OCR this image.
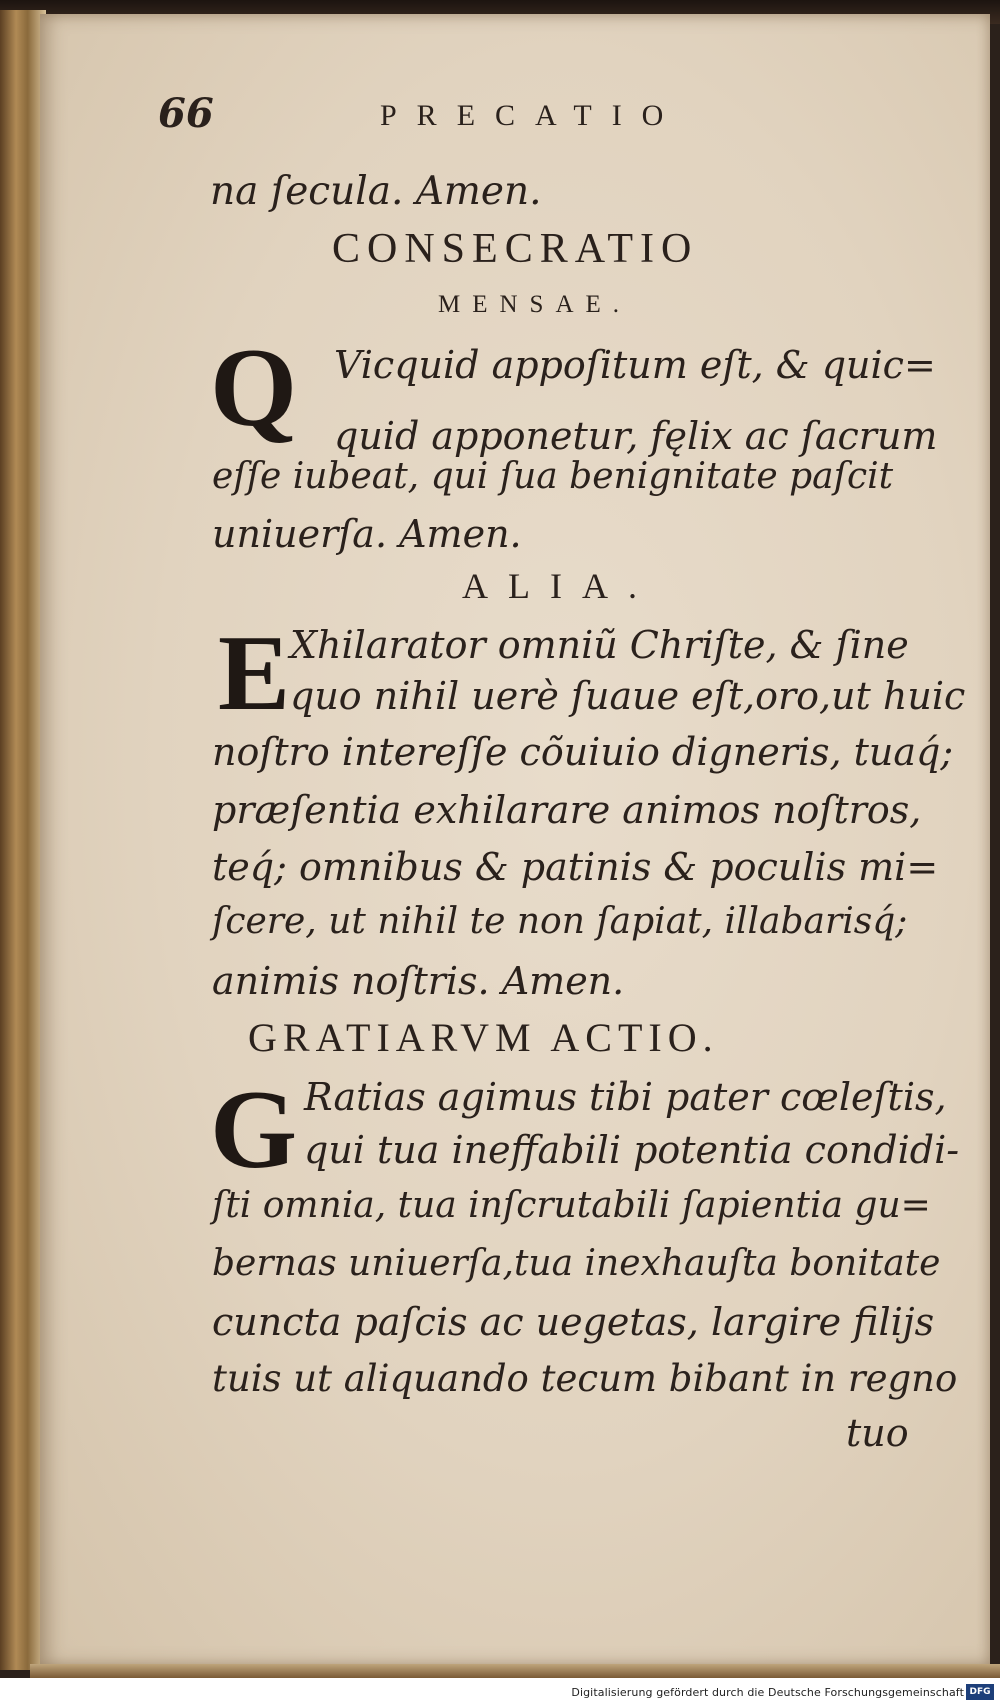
66	PRECATIO
na ſecula. Amen.
CONSECRATIO
MENSAE.
Q Vicquid appoſitum eſt, & quic=
quid apponetur, fęlix ac ſacrum
eſſe iubeat, qui ſua benignitate paſcit
uniuerſa. Amen.
ALIA.
E Xhilarator omniũ Chriſte, & ſine
quo nihil uerè ſuaue eſt,oro,ut huic
noſtro intereſſe cõuiuio digneris, tuaq́;
præſentia exhilarare animos noſtros,
teq́; omnibus & patinis & poculis mi=
ſcere, ut nihil te non ſapiat, illabarisq́;
animis noſtris. Amen.
GRATIARVM ACTIO.
G Ratias agimus tibi pater cœleſtis,
qui tua ineffabili potentia condidi-
ſti omnia, tua inſcrutabili ſapientia gu=
bernas uniuerſa,tua inexhauſta bonitate
cuncta paſcis ac uegetas, largire filijs
tuis ut aliquando tecum bibant in regno
tuo
Digitalisierung gefördert durch die Deutsche Forschungsgemeinschaft DFG
